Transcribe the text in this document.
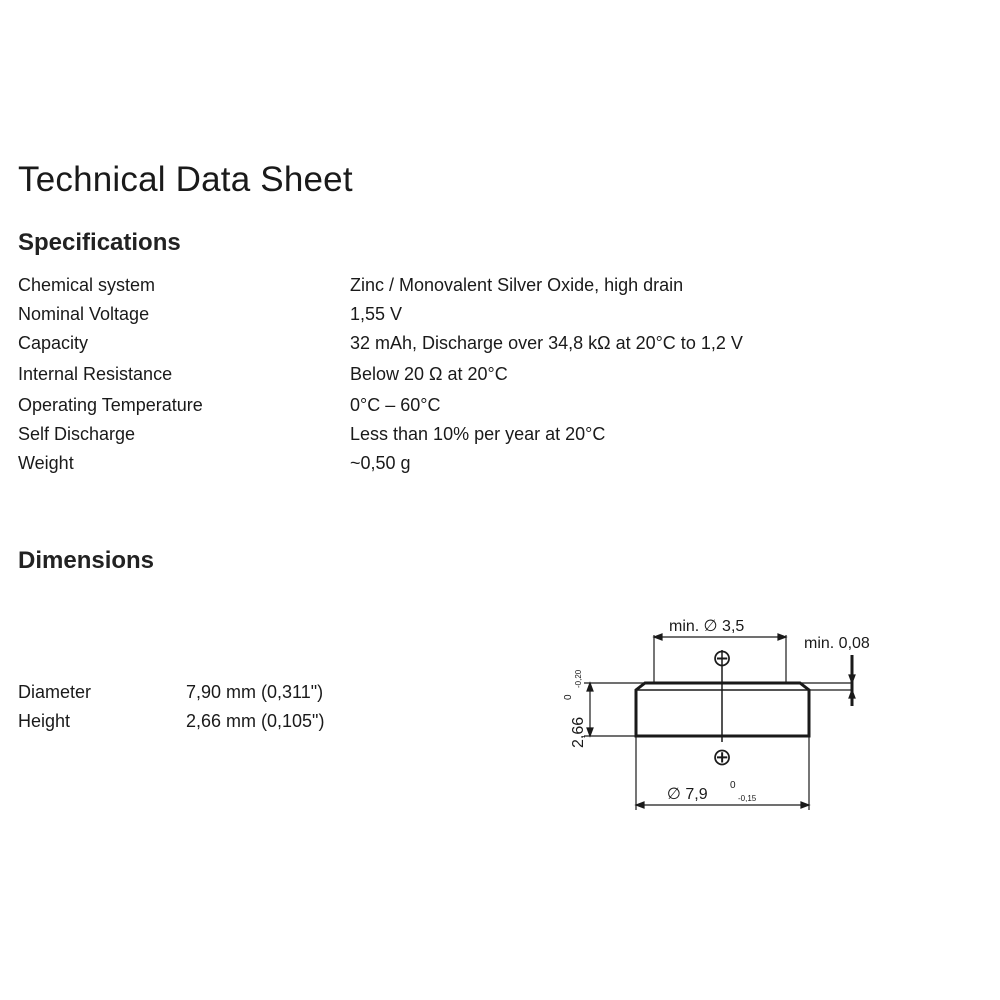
Technical Data Sheet
Specifications
Chemical system	Zinc / Monovalent Silver Oxide, high drain
Nominal Voltage	1,55 V
Capacity	32 mAh, Discharge over 34,8 kΩ at 20°C to 1,2 V
Internal Resistance	Below 20 Ω at 20°C
Operating Temperature	0°C – 60°C
Self Discharge	Less than 10% per year at 20°C
Weight	~0,50 g
Dimensions
Diameter	7,90 mm (0,311")
Height	2,66 mm (0,105")
min. ∅ 3,5
min. 0,08
2,66
0
-0,20
∅ 7,9
0
-0,15
⊖
⊕
